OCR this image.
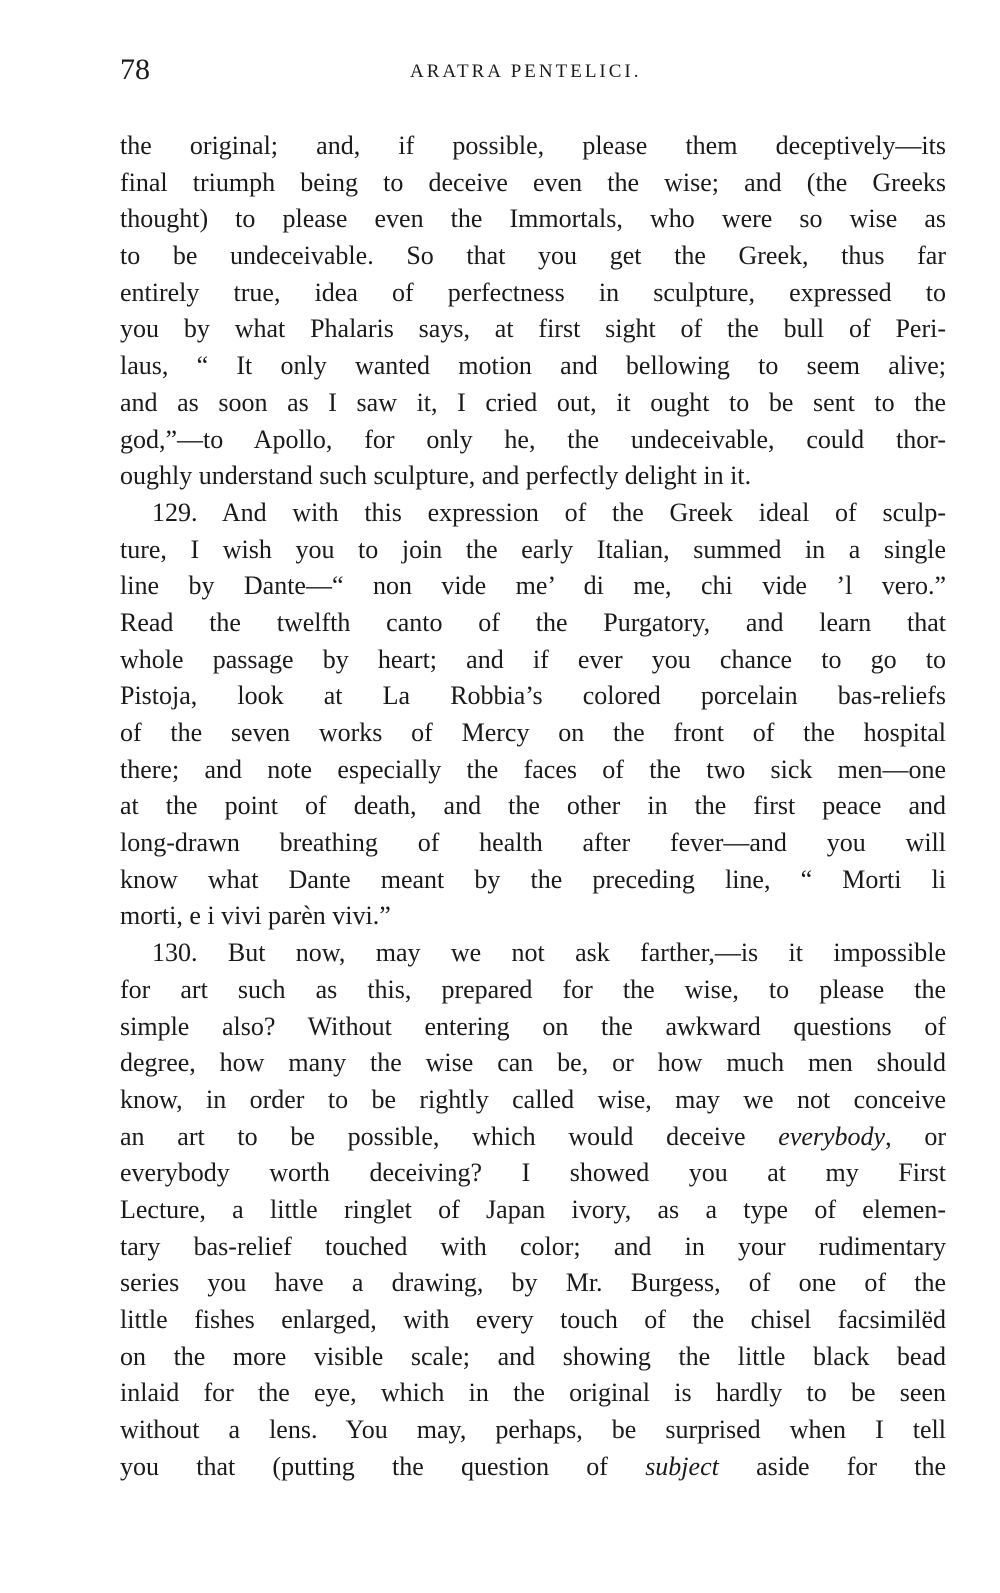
78	ARATRA PENTELICI.
the original; and, if possible, please them deceptively—its
final triumph being to deceive even the wise; and (the Greeks
thought) to please even the Immortals, who were so wise as
to be undeceivable. So that you get the Greek, thus far
entirely true, idea of perfectness in sculpture, expressed to
you by what Phalaris says, at first sight of the bull of Peri-
laus, “ It only wanted motion and bellowing to seem alive;
and as soon as I saw it, I cried out, it ought to be sent to the
god,”—to Apollo, for only he, the undeceivable, could thor-
oughly understand such sculpture, and perfectly delight in it.
129. And with this expression of the Greek ideal of sculp-
ture, I wish you to join the early Italian, summed in a single
line by Dante—“ non vide me’ di me, chi vide ’l vero.”
Read the twelfth canto of the Purgatory, and learn that
whole passage by heart; and if ever you chance to go to
Pistoja, look at La Robbia’s colored porcelain bas-reliefs
of the seven works of Mercy on the front of the hospital
there; and note especially the faces of the two sick men—one
at the point of death, and the other in the first peace and
long-drawn breathing of health after fever—and you will
know what Dante meant by the preceding line, “ Morti li
morti, e i vivi parèn vivi.”
130. But now, may we not ask farther,—is it impossible
for art such as this, prepared for the wise, to please the
simple also? Without entering on the awkward questions of
degree, how many the wise can be, or how much men should
know, in order to be rightly called wise, may we not conceive
an art to be possible, which would deceive everybody, or
everybody worth deceiving? I showed you at my First
Lecture, a little ringlet of Japan ivory, as a type of elemen-
tary bas-relief touched with color; and in your rudimentary
series you have a drawing, by Mr. Burgess, of one of the
little fishes enlarged, with every touch of the chisel facsimilëd
on the more visible scale; and showing the little black bead
inlaid for the eye, which in the original is hardly to be seen
without a lens. You may, perhaps, be surprised when I tell
you that (putting the question of subject aside for the
